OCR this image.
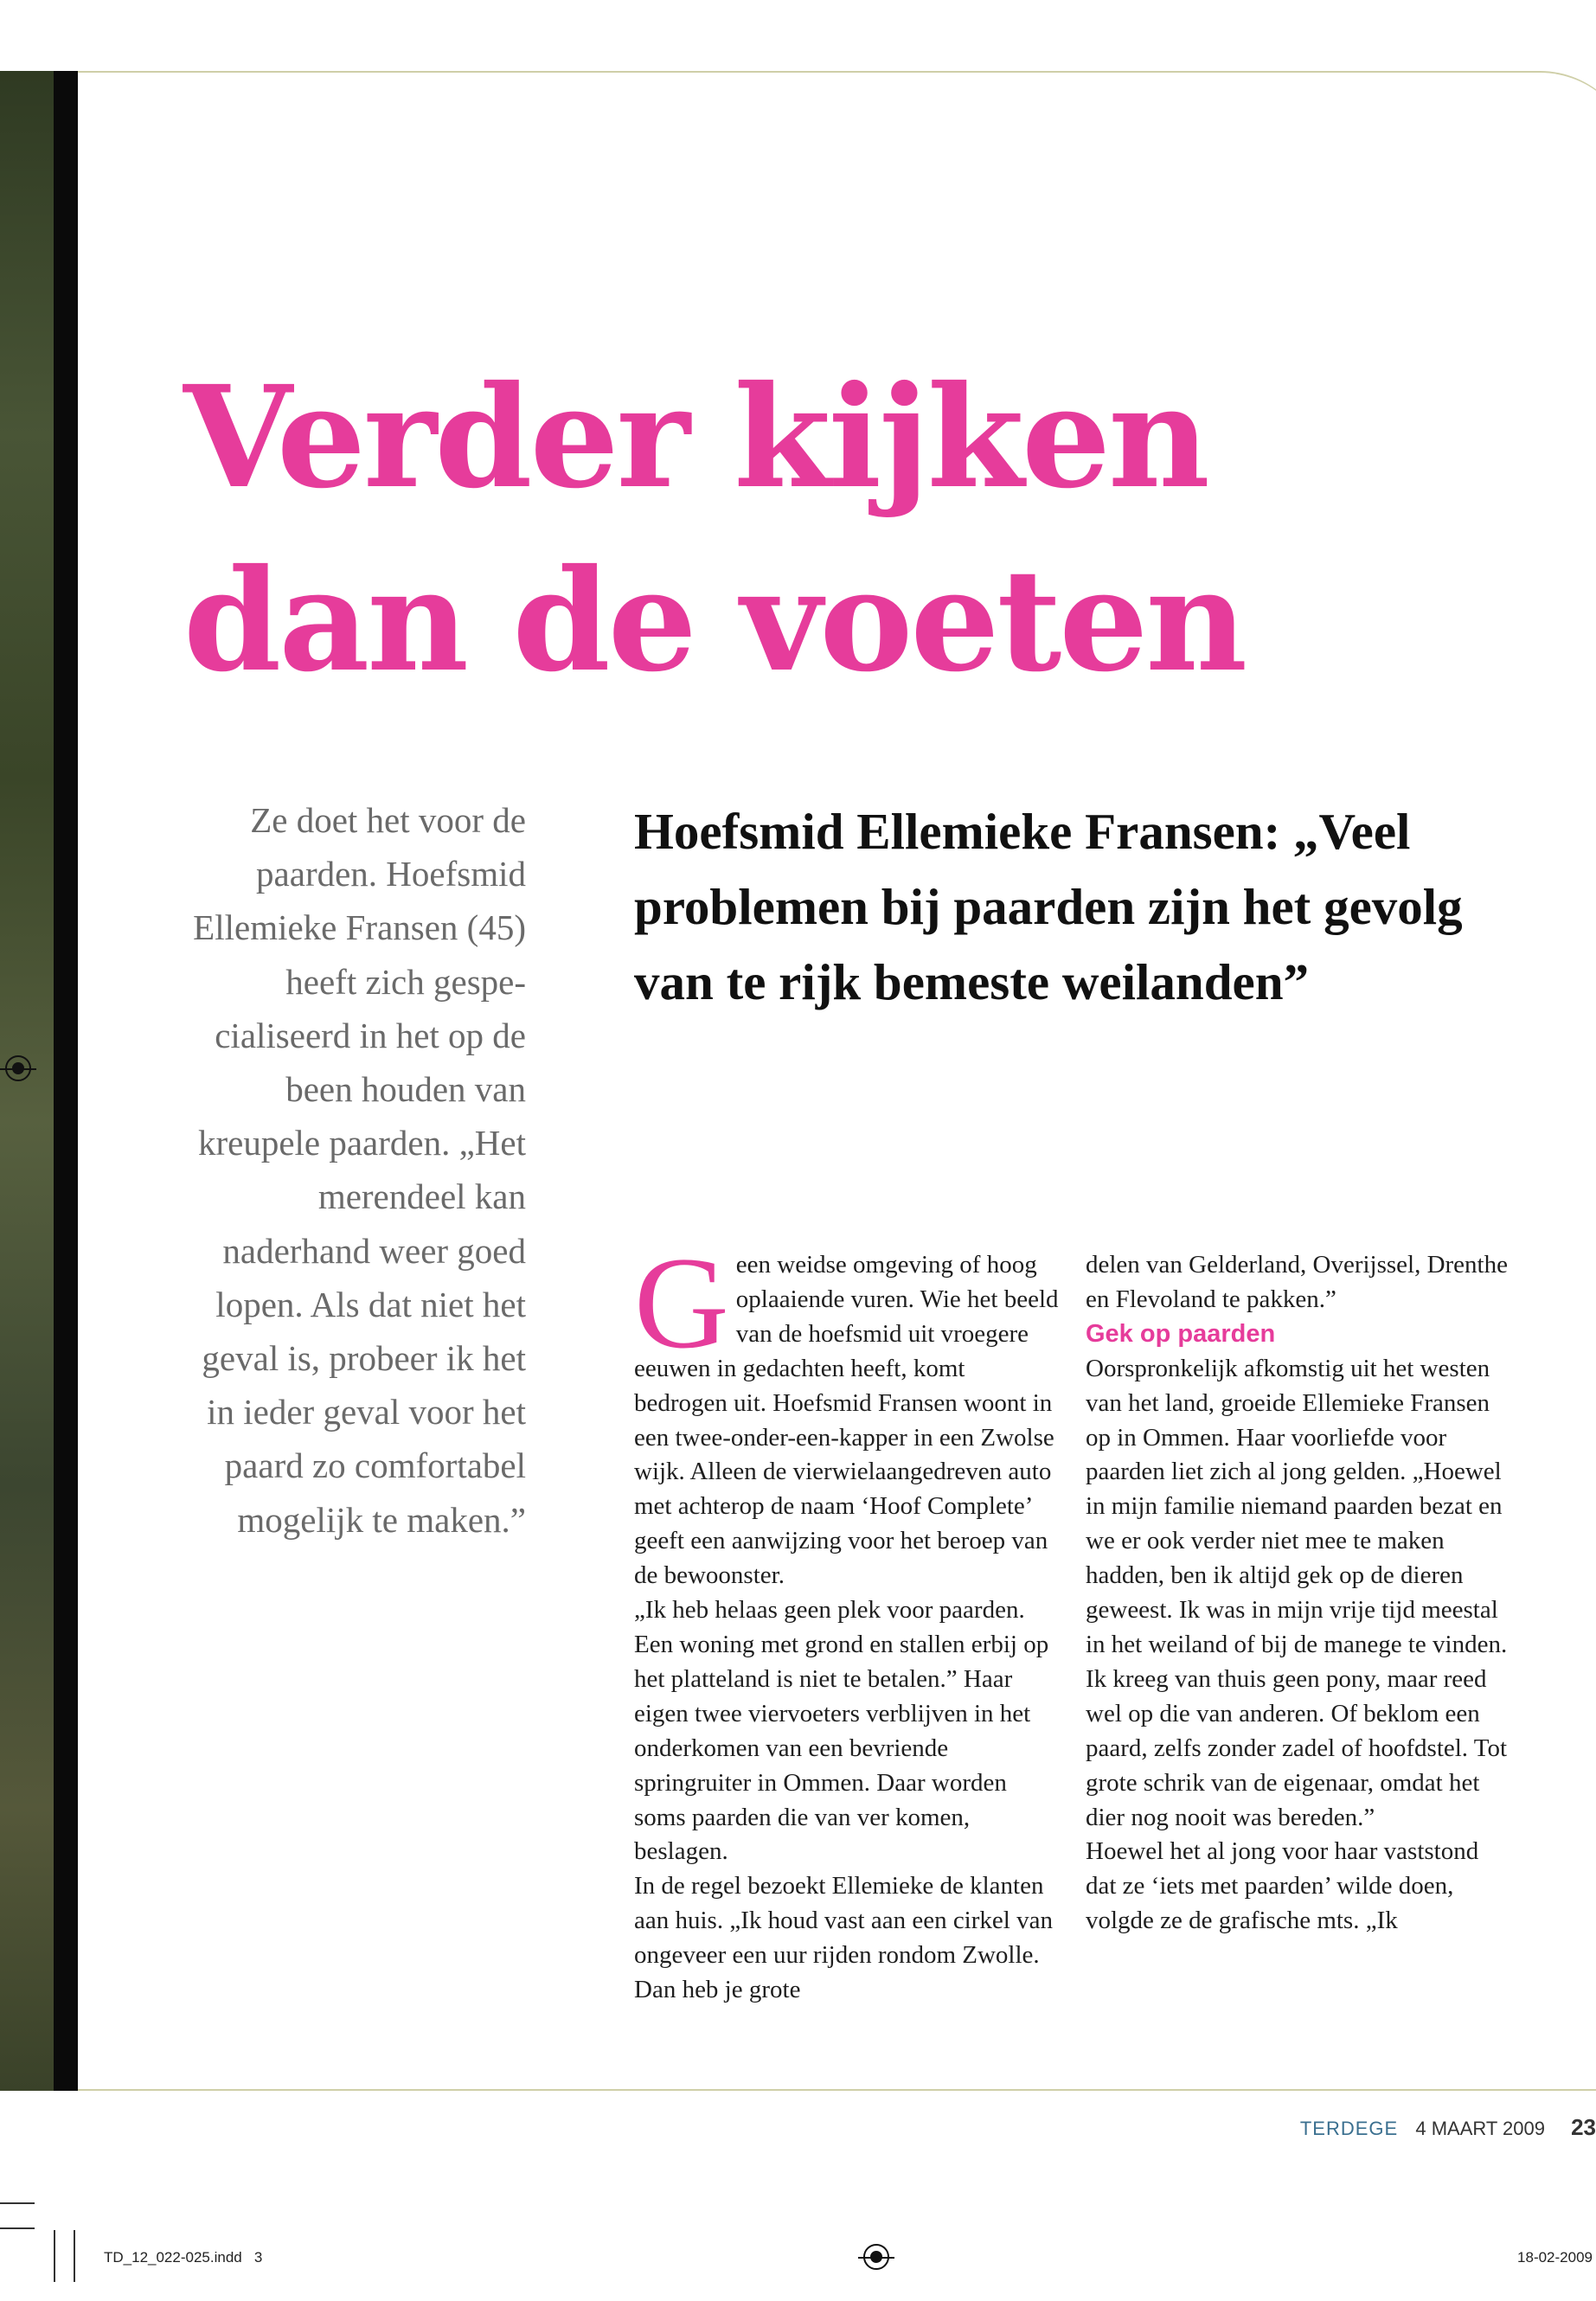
Verder kijken dan de voeten

Ze doet het voor de paarden. Hoefsmid Ellemieke Fransen (45) heeft zich gespe-cialiseerd in het op de been houden van kreupele paarden. „Het merendeel kan naderhand weer goed lopen. Als dat niet het geval is, probeer ik het in ieder geval voor het paard zo comfortabel mogelijk te maken.”

Hoefsmid Ellemieke Fransen: „Veel problemen bij paarden zijn het gevolg van te rijk bemeste weilanden”
G een weidse omgeving of hoog oplaaiende vuren. Wie het beeld van de hoefsmid uit vroegere eeuwen in gedachten heeft, komt bedrogen uit. Hoefsmid Fransen woont in een twee-onder-een-kapper in een Zwolse wijk. Alleen de vierwielaangedreven auto met achterop de naam ‘Hoof Complete’ geeft een aanwijzing voor het beroep van de bewoonster.

„Ik heb helaas geen plek voor paarden. Een woning met grond en stallen erbij op het platteland is niet te betalen.” Haar eigen twee viervoeters verblijven in het onderkomen van een bevriende springruiter in Ommen. Daar worden soms paarden die van ver komen, beslagen.

In de regel bezoekt Ellemieke de klanten aan huis. „Ik houd vast aan een cirkel van ongeveer een uur rijden rondom Zwolle. Dan heb je grote

delen van Gelderland, Overijssel, Drenthe en Flevoland te pakken.”

Gek op paarden

Oorspronkelijk afkomstig uit het westen van het land, groeide Ellemieke Fransen op in Ommen. Haar voorliefde voor paarden liet zich al jong gelden. „Hoewel in mijn familie niemand paarden bezat en we er ook verder niet mee te maken hadden, ben ik altijd gek op de dieren geweest. Ik was in mijn vrije tijd meestal in het weiland of bij de manege te vinden. Ik kreeg van thuis geen pony, maar reed wel op die van anderen. Of beklom een paard, zelfs zonder zadel of hoofdstel. Tot grote schrik van de eigenaar, omdat het dier nog nooit was bereden.”

Hoewel het al jong voor haar vaststond dat ze ‘iets met paarden’ wilde doen, volgde ze de grafische mts. „Ik

TERDEGE 4 MAART 2009 23
TD_12_022-025.indd   3	18-02-2009
